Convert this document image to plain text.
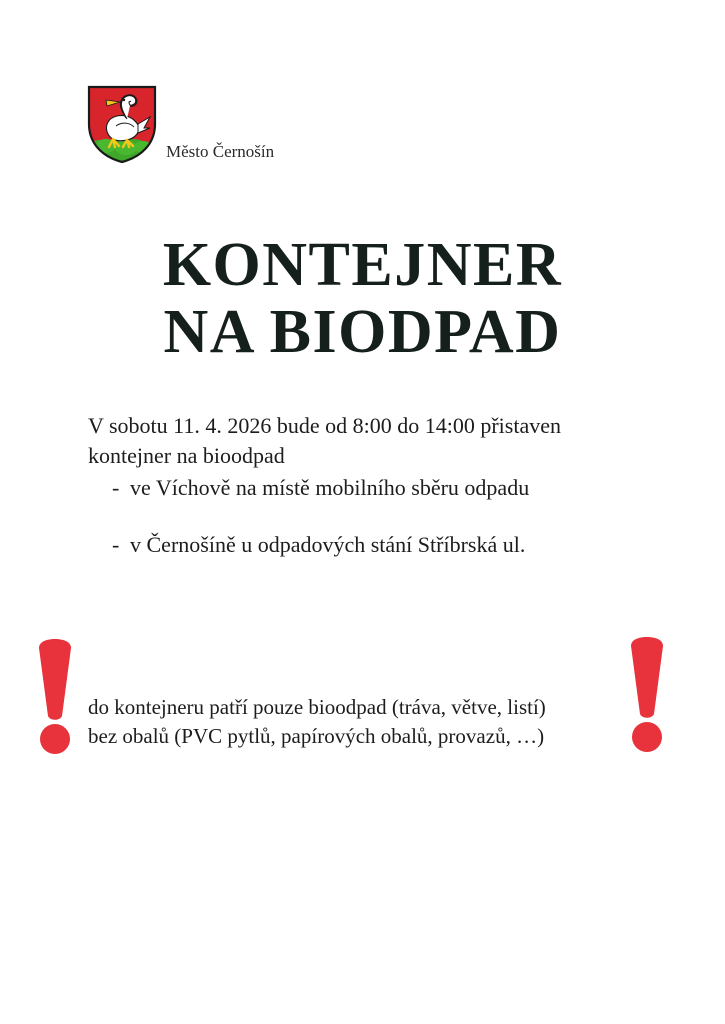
Město Černošín
KONTEJNER
NA BIODPAD

V sobotu 11. 4. 2026 bude od 8:00 do 14:00 přistaven kontejner na bioodpad

- ve Víchově na místě mobilního sběru odpadu
- v Černošíně u odpadových stání Stříbrská ul.

do kontejneru patří pouze bioodpad (tráva, větve, listí)
bez obalů (PVC pytlů, papírových obalů, provazů, …)
